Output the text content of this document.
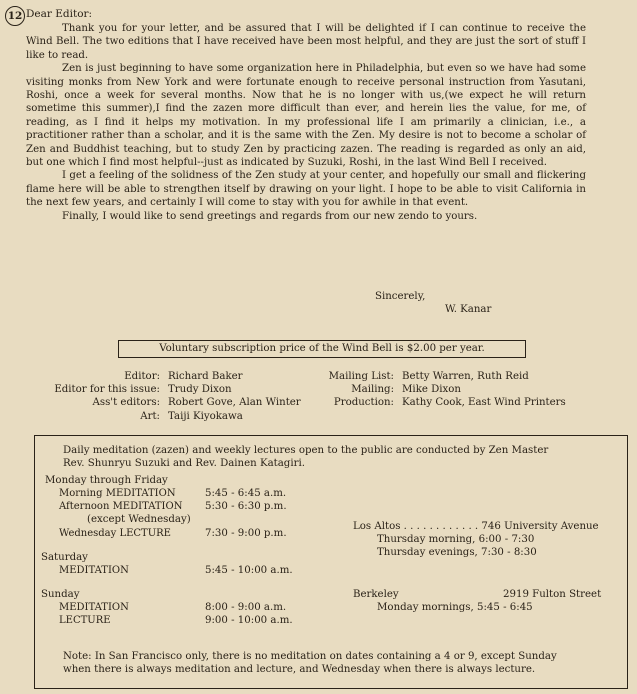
12 Dear Editor:

Thank you for your letter, and be assured that I will be delighted if I can continue to receive the Wind Bell. The two editions that I have received have been most helpful, and they are just the sort of stuff I like to read.

Zen is just beginning to have some organization here in Philadelphia, but even so we have had some visiting monks from New York and were fortunate enough to receive personal instruction from Yasutani, Roshi, once a week for several months. Now that he is no longer with us,(we expect he will return sometime this summer),I find the zazen more difficult than ever, and herein lies the value, for me, of reading, as I find it helps my motivation. In my professional life I am primarily a clinician, i.e., a practitioner rather than a scholar, and it is the same with the Zen. My desire is not to become a scholar of Zen and Buddhist teaching, but to study Zen by practicing zazen. The reading is regarded as only an aid, but one which I find most helpful--just as indicated by Suzuki, Roshi, in the last Wind Bell I received.

I get a feeling of the solidness of the Zen study at your center, and hopefully our small and flickering flame here will be able to strengthen itself by drawing on your light. I hope to be able to visit California in the next few years, and certainly I will come to stay with you for awhile in that event.

Finally, I would like to send greetings and regards from our new zendo to yours.

Sincerely,
W. Kanar
Voluntary subscription price of the Wind Bell is $2.00 per year.
Editor: Richard Baker
Editor for this issue: Trudy Dixon
Ass't editors: Robert Gove, Alan Winter
Art: Taiji Kiyokawa
Mailing List: Betty Warren, Ruth Reid
Mailing: Mike Dixon
Production: Kathy Cook, East Wind Printers
Daily meditation (zazen) and weekly lectures open to the public are conducted by Zen Master
Rev. Shunryu Suzuki and Rev. Dainen Katagiri.
Monday through Friday
Morning MEDITATION	5:45 - 6:45 a.m.
Afternoon MEDITATION 5:30 - 6:30 p.m.
(except Wednesday)
Wednesday LECTURE	7:30 - 9:00 p.m.
Saturday
MEDITATION	5:45 - 10:00 a.m.
Sunday
MEDITATION	8:00 - 9:00 a.m.
LECTURE	9:00 - 10:00 a.m.
Los Altos . . . . . . . . . . . . 746 University Avenue
Thursday morning, 6:00 - 7:30
Thursday evenings, 7:30 - 8:30
Berkeley	2919 Fulton Street
Monday mornings, 5:45 - 6:45
Note: In San Francisco only, there is no meditation on dates containing a 4 or 9, except Sunday
when there is always meditation and lecture, and Wednesday when there is always lecture.
